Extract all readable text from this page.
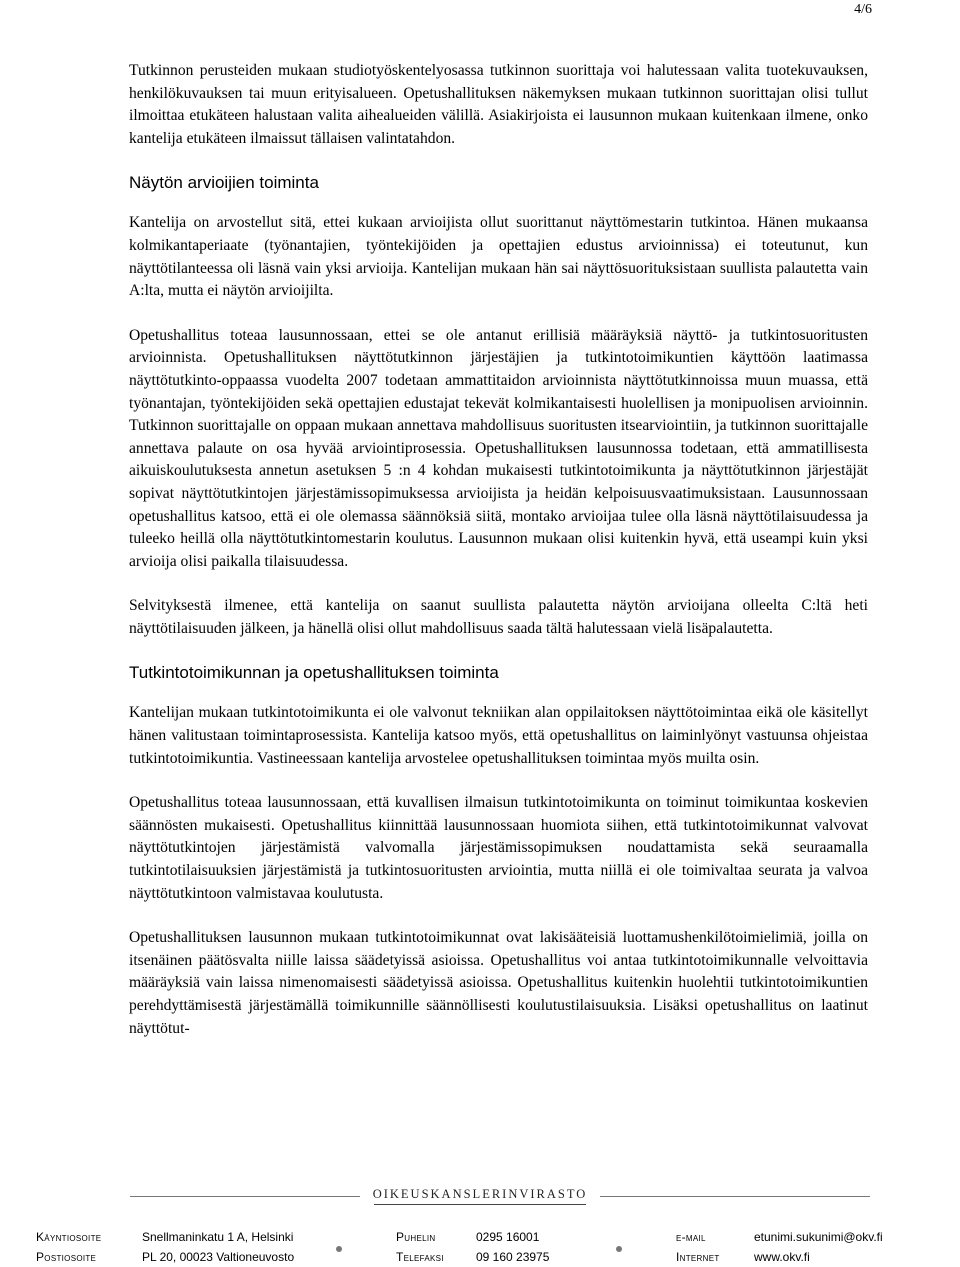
4/6

Tutkinnon perusteiden mukaan studiotyöskentelyosassa tutkinnon suorittaja voi halutessaan valita tuotekuvauksen, henkilökuvauksen tai muun erityisalueen. Opetushallituksen näkemyksen mukaan tutkinnon suorittajan olisi tullut ilmoittaa etukäteen halustaan valita aihealueiden välillä. Asiakirjoista ei lausunnon mukaan kuitenkaan ilmene, onko kantelija etukäteen ilmaissut tällaisen valintatahdon.

Näytön arvioijien toiminta

Kantelija on arvostellut sitä, ettei kukaan arvioijista ollut suorittanut näyttömestarin tutkintoa. Hänen mukaansa kolmikantaperiaate (työnantajien, työntekijöiden ja opettajien edustus arvioinnissa) ei toteutunut, kun näyttötilanteessa oli läsnä vain yksi arvioija. Kantelijan mukaan hän sai näyttösuorituksistaan suullista palautetta vain A:lta, mutta ei näytön arvioijilta.

Opetushallitus toteaa lausunnossaan, ettei se ole antanut erillisiä määräyksiä näyttö- ja tutkintosuoritusten arvioinnista. Opetushallituksen näyttötutkinnon järjestäjien ja tutkintotoimikuntien käyttöön laatimassa näyttötutkinto-oppaassa vuodelta 2007 todetaan ammattitaidon arvioinnista näyttötutkinnoissa muun muassa, että työnantajan, työntekijöiden sekä opettajien edustajat tekevät kolmikantaisesti huolellisen ja monipuolisen arvioinnin. Tutkinnon suorittajalle on oppaan mukaan annettava mahdollisuus suoritusten itsearviointiin, ja tutkinnon suorittajalle annettava palaute on osa hyvää arviointiprosessia. Opetushallituksen lausunnossa todetaan, että ammatillisesta aikuiskoulutuksesta annetun asetuksen 5 :n 4 kohdan mukaisesti tutkintotoimikunta ja näyttötutkinnon järjestäjät sopivat näyttötutkintojen järjestämissopimuksessa arvioijista ja heidän kelpoisuusvaatimuksistaan. Lausunnossaan opetushallitus katsoo, että ei ole olemassa säännöksiä siitä, montako arvioijaa tulee olla läsnä näyttötilaisuudessa ja tuleeko heillä olla näyttötutkintomestarin koulutus. Lausunnon mukaan olisi kuitenkin hyvä, että useampi kuin yksi arvioija olisi paikalla tilaisuudessa.

Selvityksestä ilmenee, että kantelija on saanut suullista palautetta näytön arvioijana olleelta C:ltä heti näyttötilaisuuden jälkeen, ja hänellä olisi ollut mahdollisuus saada tältä halutessaan vielä lisäpalautetta.

Tutkintotoimikunnan ja opetushallituksen toiminta

Kantelijan mukaan tutkintotoimikunta ei ole valvonut tekniikan alan oppilaitoksen näyttötoimintaa eikä ole käsitellyt hänen valitustaan toimintaprosessista. Kantelija katsoo myös, että opetushallitus on laiminlyönyt vastuunsa ohjeistaa tutkintotoimikuntia. Vastineessaan kantelija arvostelee opetushallituksen toimintaa myös muilta osin.

Opetushallitus toteaa lausunnossaan, että kuvallisen ilmaisun tutkintotoimikunta on toiminut toimikuntaa koskevien säännösten mukaisesti. Opetushallitus kiinnittää lausunnossaan huomiota siihen, että tutkintotoimikunnat valvovat näyttötutkintojen järjestämistä valvomalla järjestämissopimuksen noudattamista sekä seuraamalla tutkintotilaisuuksien järjestämistä ja tutkintosuoritusten arviointia, mutta niillä ei ole toimivaltaa seurata ja valvoa näyttötutkintoon valmistavaa koulutusta.

Opetushallituksen lausunnon mukaan tutkintotoimikunnat ovat lakisääteisiä luottamushenkilötoimielimiä, joilla on itsenäinen päätösvalta niille laissa säädetyissä asioissa. Opetushallitus voi antaa tutkintotoimikunnalle velvoittavia määräyksiä vain laissa nimenomaisesti säädetyissä asioissa. Opetushallitus kuitenkin huolehtii tutkintotoimikuntien perehdyttämisestä järjestämällä toimikunnille säännöllisesti koulutustilaisuuksia. Lisäksi opetushallitus on laatinut näyttötut-

OIKEUSKANSLERINVIRASTO
Käyntiosoite	Snellmaninkatu 1 A, Helsinki
Postiosoite	PL 20, 00023 Valtioneuvosto
Puhelin	0295 16001
Telefaksi	09 160 23975
e-mail	etunimi.sukunimi@okv.fi
Internet	www.okv.fi
